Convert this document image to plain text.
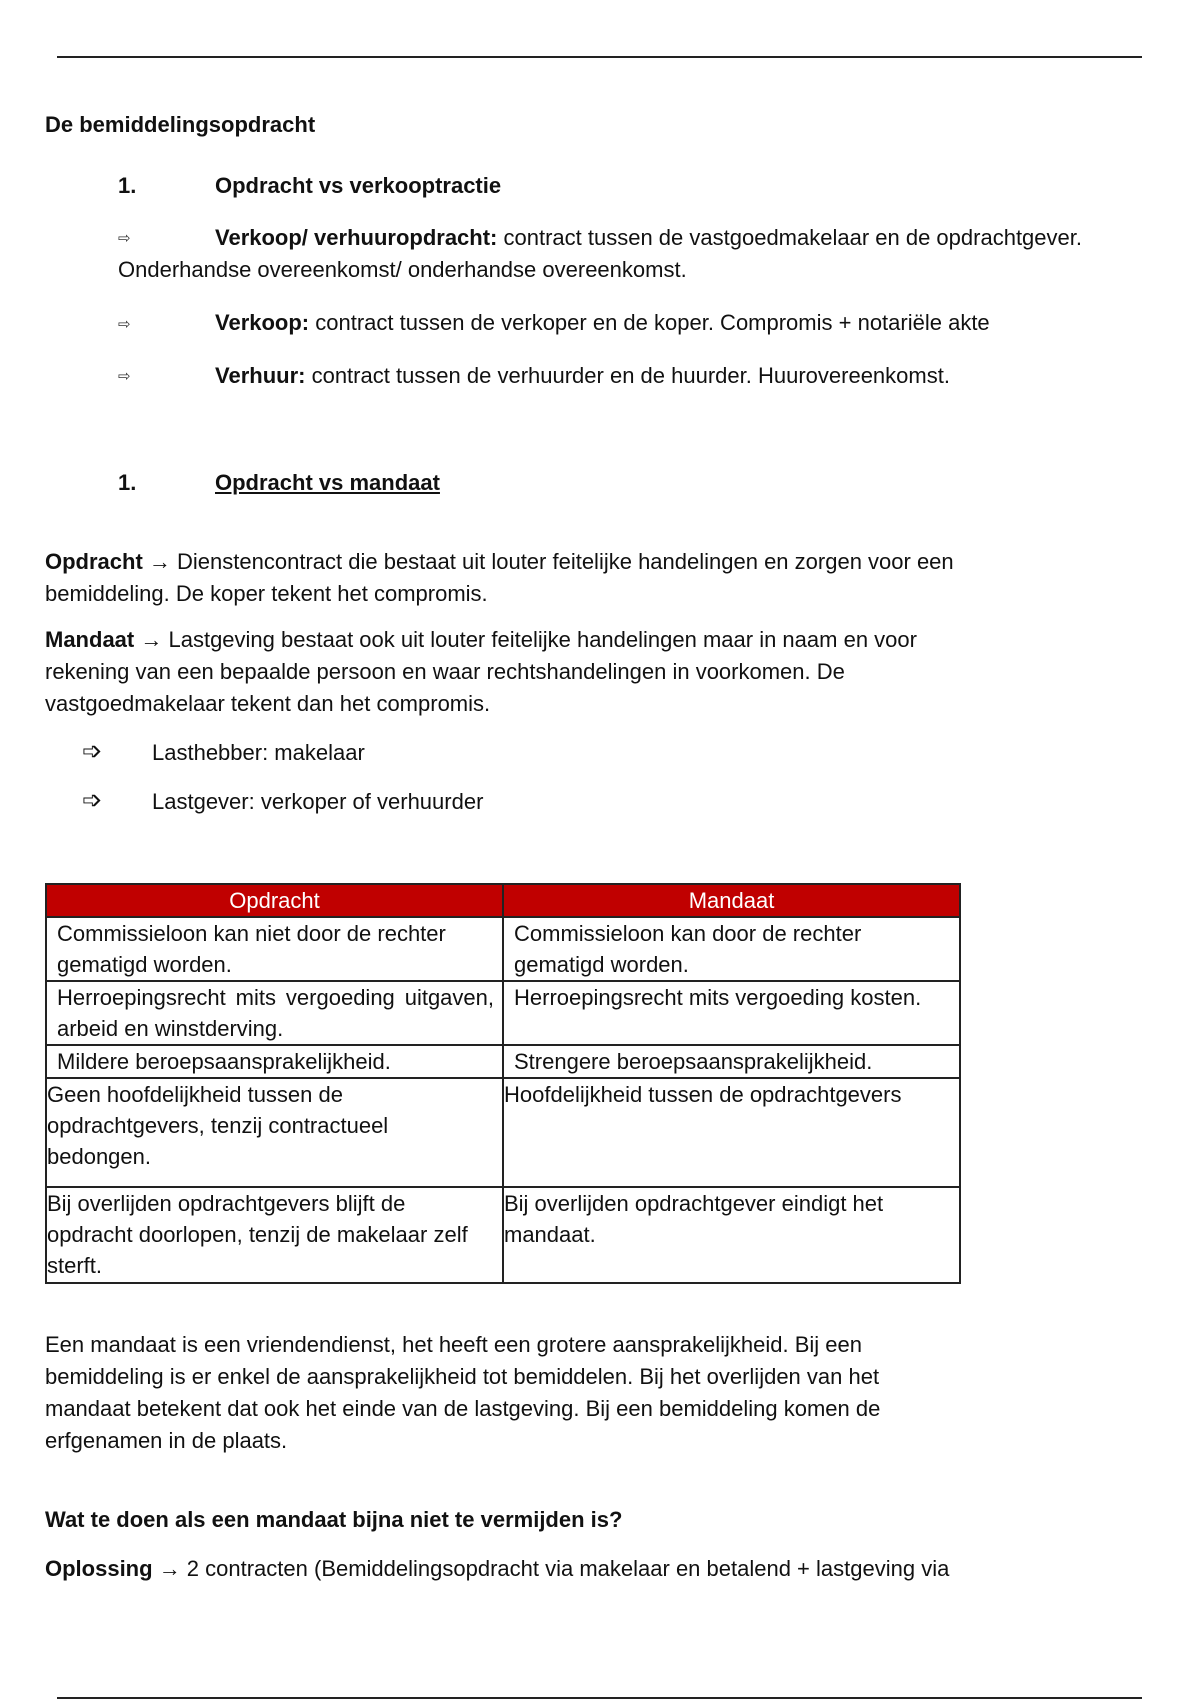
De bemiddelingsopdracht
1.	Opdracht vs verkooptractie
⇨	Verkoop/ verhuuropdracht: contract tussen de vastgoedmakelaar en de opdrachtgever.
Onderhandse overeenkomst/ onderhandse overeenkomst.
⇨	Verkoop: contract tussen de verkoper en de koper. Compromis + notariële akte
⇨	Verhuur: contract tussen de verhuurder en de huurder. Huurovereenkomst.
1.	Opdracht vs mandaat
Opdracht → Dienstencontract die bestaat uit louter feitelijke handelingen en zorgen voor een
bemiddeling. De koper tekent het compromis.
Mandaat → Lastgeving bestaat ook uit louter feitelijke handelingen maar in naam en voor
rekening van een bepaalde persoon en waar rechtshandelingen in voorkomen. De
vastgoedmakelaar tekent dan het compromis.
➩ Lasthebber: makelaar
➩ Lastgever: verkoper of verhuurder
Opdracht	Mandaat
Commissieloon kan niet door de rechter gematigd worden.	Commissieloon kan door de rechter gematigd worden.
Herroepingsrecht mits vergoeding uitgaven, arbeid en winstderving.	Herroepingsrecht mits vergoeding kosten.
Mildere beroepsaansprakelijkheid.	Strengere beroepsaansprakelijkheid.
Geen hoofdelijkheid tussen de opdrachtgevers, tenzij contractueel bedongen.	Hoofdelijkheid tussen de opdrachtgevers
Bij overlijden opdrachtgevers blijft de opdracht doorlopen, tenzij de makelaar zelf sterft.	Bij overlijden opdrachtgever eindigt het mandaat.
Een mandaat is een vriendendienst, het heeft een grotere aansprakelijkheid. Bij een
bemiddeling is er enkel de aansprakelijkheid tot bemiddelen. Bij het overlijden van het
mandaat betekent dat ook het einde van de lastgeving. Bij een bemiddeling komen de
erfgenamen in de plaats.
Wat te doen als een mandaat bijna niet te vermijden is?
Oplossing → 2 contracten (Bemiddelingsopdracht via makelaar en betalend + lastgeving via
